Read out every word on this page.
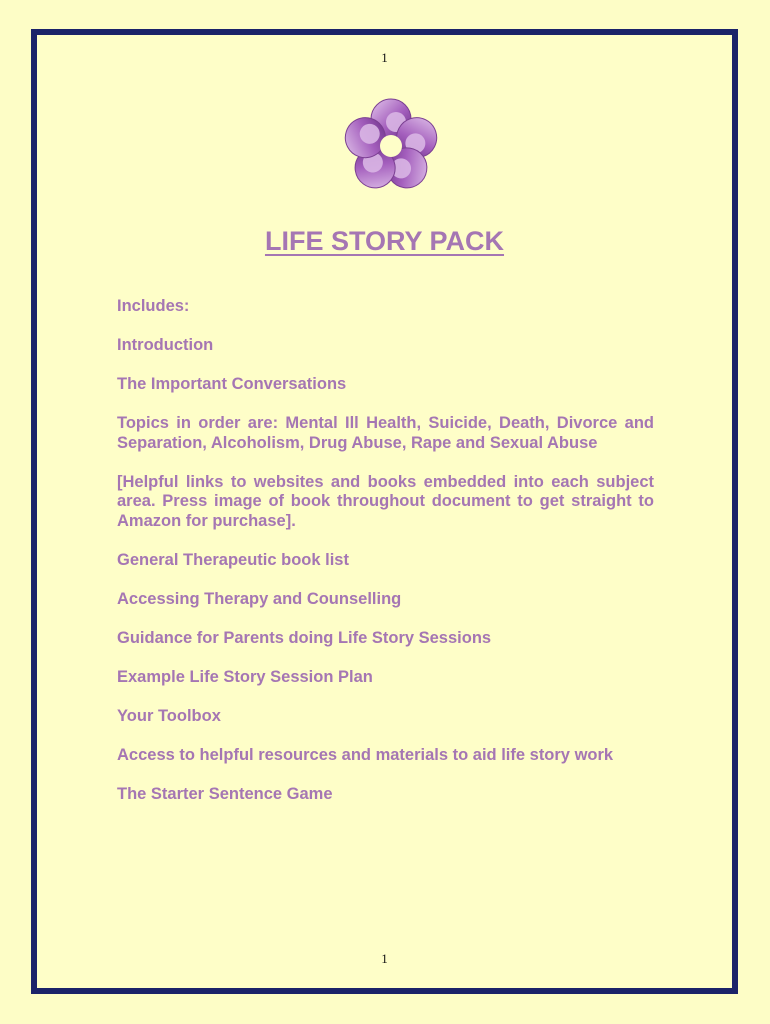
1
LIFE STORY PACK

Includes:

Introduction

The Important Conversations

Topics in order are: Mental Ill Health, Suicide, Death, Divorce and Separation, Alcoholism, Drug Abuse, Rape and Sexual Abuse

[Helpful links to websites and books embedded into each subject area. Press image of book throughout document to get straight to Amazon for purchase].

General Therapeutic book list

Accessing Therapy and Counselling

Guidance for Parents doing Life Story Sessions

Example Life Story Session Plan

Your Toolbox

Access to helpful resources and materials to aid life story work

The Starter Sentence Game

1
